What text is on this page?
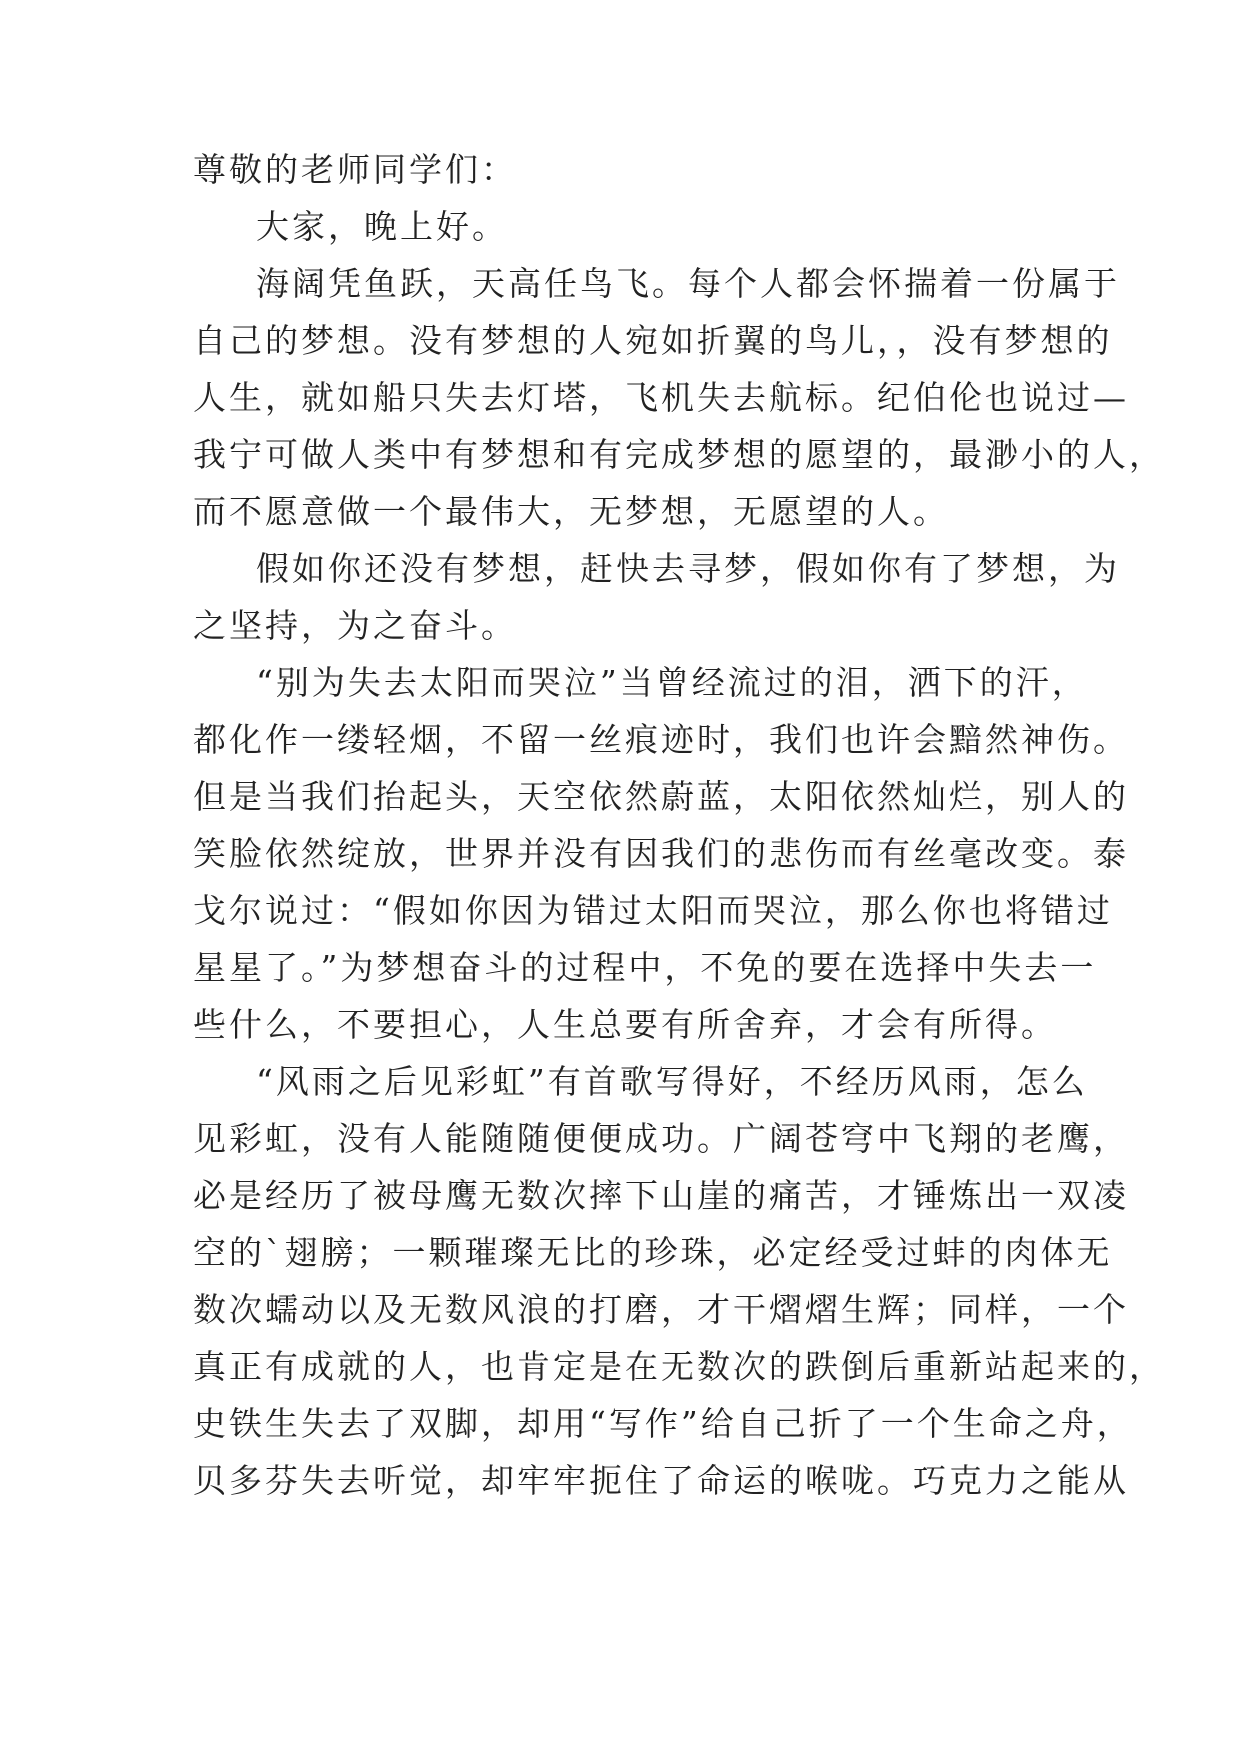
尊敬的老师同学们：
大家，晚上好。
海阔凭鱼跃，天高任鸟飞。每个人都会怀揣着一份属于
自己的梦想。没有梦想的人宛如折翼的鸟儿，，没有梦想的
人生，就如船只失去灯塔，飞机失去航标。纪伯伦也说过—
我宁可做人类中有梦想和有完成梦想的愿望的，最渺小的人，
而不愿意做一个最伟大，无梦想，无愿望的人。
假如你还没有梦想，赶快去寻梦，假如你有了梦想，为
之坚持，为之奋斗。
“别为失去太阳而哭泣”当曾经流过的泪，洒下的汗，
都化作一缕轻烟，不留一丝痕迹时，我们也许会黯然神伤。
但是当我们抬起头，天空依然蔚蓝，太阳依然灿烂，别人的
笑脸依然绽放，世界并没有因我们的悲伤而有丝毫改变。泰
戈尔说过：“假如你因为错过太阳而哭泣，那么你也将错过
星星了。”为梦想奋斗的过程中，不免的要在选择中失去一
些什么，不要担心，人生总要有所舍弃，才会有所得。
“风雨之后见彩虹”有首歌写得好，不经历风雨，怎么
见彩虹，没有人能随随便便成功。广阔苍穹中飞翔的老鹰，
必是经历了被母鹰无数次摔下山崖的痛苦，才锤炼出一双凌
空的`翅膀；一颗璀璨无比的珍珠，必定经受过蚌的肉体无
数次蠕动以及无数风浪的打磨，才干熠熠生辉；同样，一个
真正有成就的人，也肯定是在无数次的跌倒后重新站起来的，
史铁生失去了双脚，却用“写作”给自己折了一个生命之舟，
贝多芬失去听觉，却牢牢扼住了命运的喉咙。巧克力之能从
